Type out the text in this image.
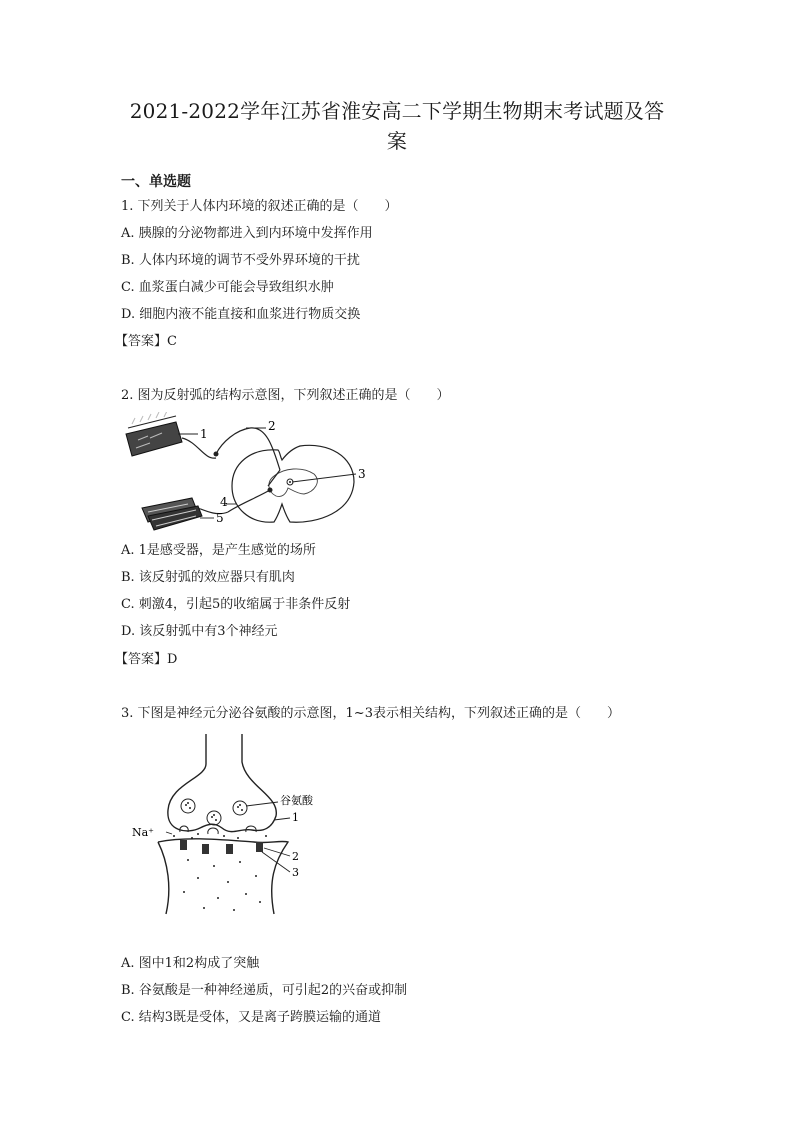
2021-2022学年江苏省淮安高二下学期生物期末考试题及答
案
一、单选题
1. 下列关于人体内环境的叙述正确的是（　　）
A. 胰腺的分泌物都进入到内环境中发挥作用
B. 人体内环境的调节不受外界环境的干扰
C. 血浆蛋白减少可能会导致组织水肿
D. 细胞内液不能直接和血浆进行物质交换
【答案】C
2. 图为反射弧的结构示意图，下列叙述正确的是（　　）
1
2
3
4
5
A. 1是感受器，是产生感觉的场所
B. 该反射弧的效应器只有肌肉
C. 刺激4，引起5的收缩属于非条件反射
D. 该反射弧中有3个神经元
【答案】D
3. 下图是神经元分泌谷氨酸的示意图，1~3表示相关结构，下列叙述正确的是（　　）
谷氨酸
1
Na⁺
2
3
A. 图中1和2构成了突触
B. 谷氨酸是一种神经递质，可引起2的兴奋或抑制
C. 结构3既是受体，又是离子跨膜运输的通道
